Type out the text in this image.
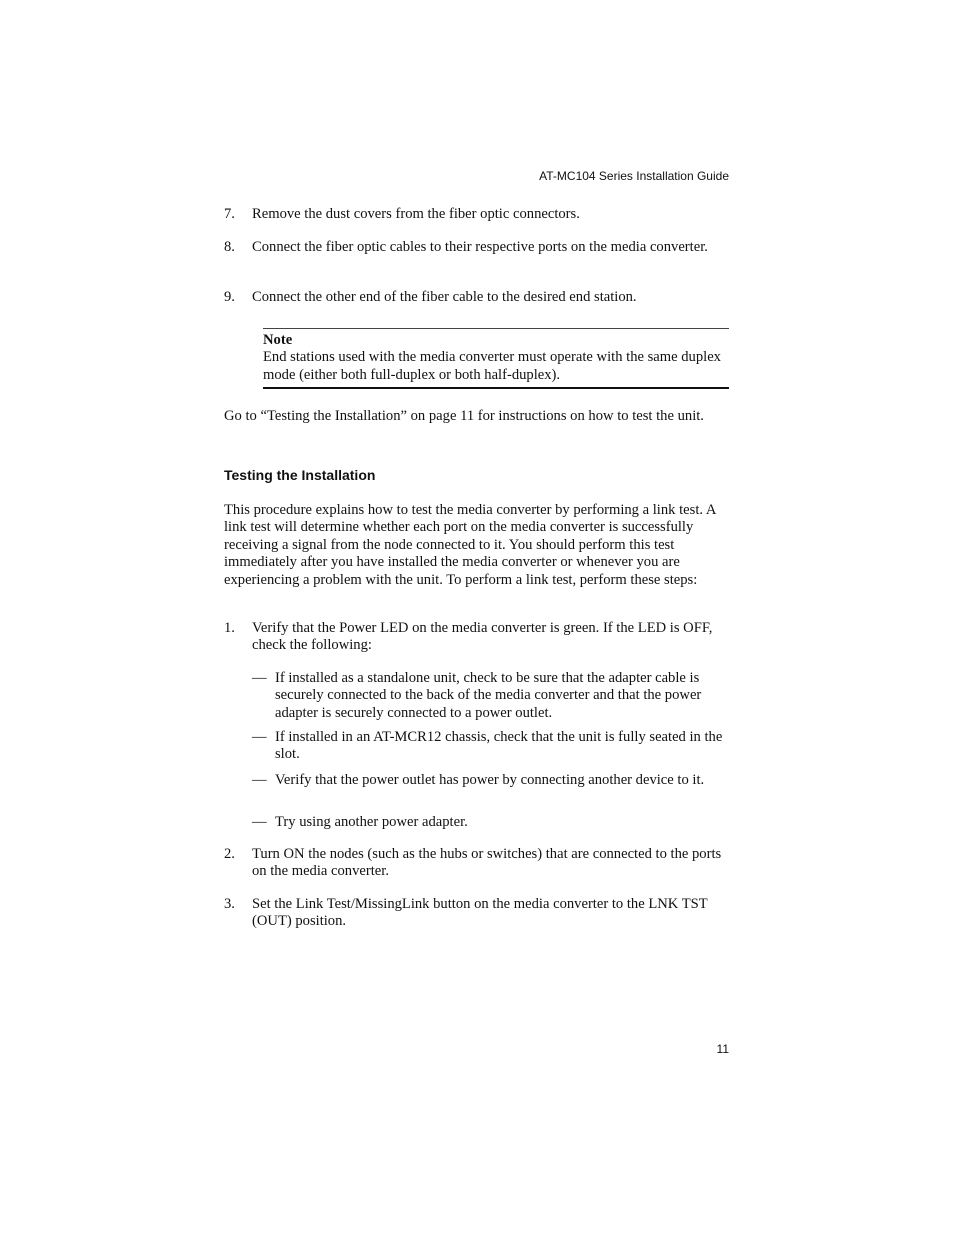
AT-MC104 Series Installation Guide
7. Remove the dust covers from the fiber optic connectors.
8. Connect the fiber optic cables to their respective ports on the media converter.
9. Connect the other end of the fiber cable to the desired end station.
Note
End stations used with the media converter must operate with the same duplex mode (either both full-duplex or both half-duplex).
Go to “Testing the Installation” on page 11 for instructions on how to test the unit.
Testing the Installation
This procedure explains how to test the media converter by performing a link test. A link test will determine whether each port on the media converter is successfully receiving a signal from the node connected to it. You should perform this test immediately after you have installed the media converter or whenever you are experiencing a problem with the unit. To perform a link test, perform these steps:
1. Verify that the Power LED on the media converter is green. If the LED is OFF, check the following:
— If installed as a standalone unit, check to be sure that the adapter cable is securely connected to the back of the media converter and that the power adapter is securely connected to a power outlet.
— If installed in an AT-MCR12 chassis, check that the unit is fully seated in the slot.
— Verify that the power outlet has power by connecting another device to it.
— Try using another power adapter.
2. Turn ON the nodes (such as the hubs or switches) that are connected to the ports on the media converter.
3. Set the Link Test/MissingLink button on the media converter to the LNK TST (OUT) position.
11
